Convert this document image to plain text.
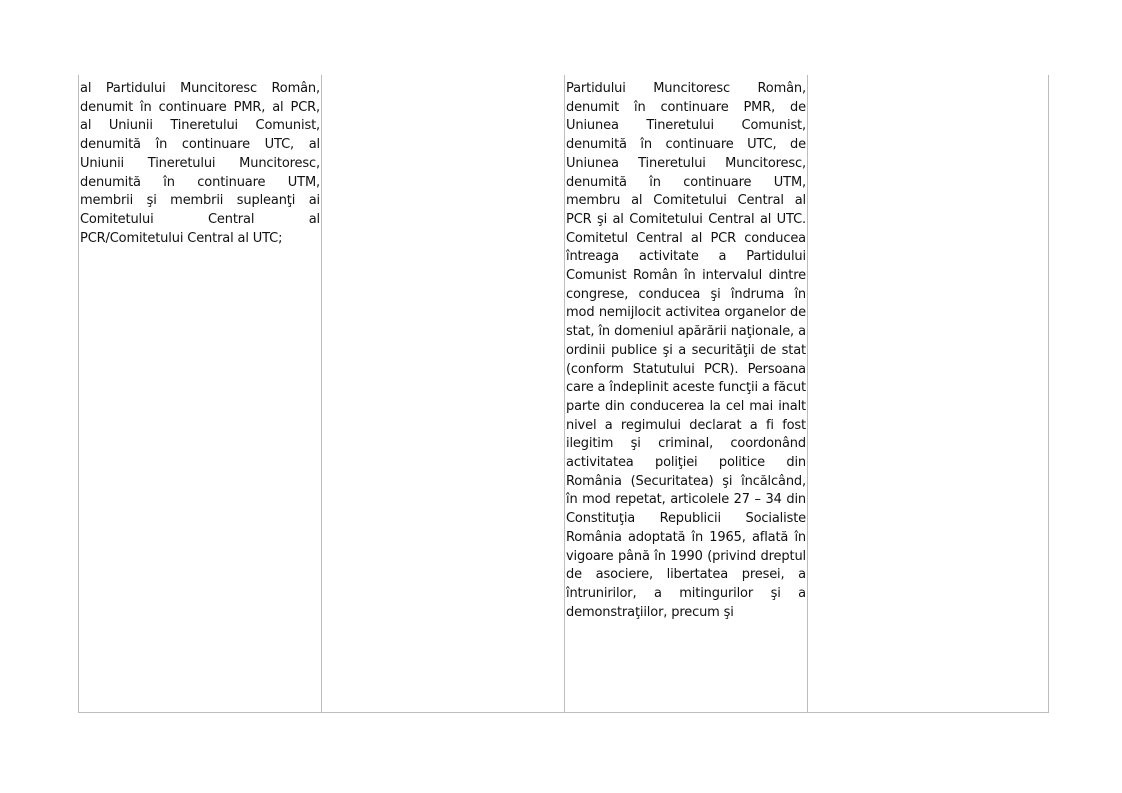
al Partidului Muncitoresc Român, denumit în continuare PMR, al PCR, al Uniunii Tineretului Comunist, denumită în continuare UTC, al Uniunii Tineretului Muncitoresc, denumită în continuare UTM, membrii şi membrii supleanţi ai Comitetului Central al PCR/Comitetului Central al UTC;

Partidului Muncitoresc Român, denumit în continuare PMR, de Uniunea Tineretului Comunist, denumită în continuare UTC, de Uniunea Tineretului Muncitoresc, denumită în continuare UTM, membru al Comitetului Central al PCR şi al Comitetului Central al UTC. Comitetul Central al PCR conducea întreaga activitate a Partidului Comunist Român în intervalul dintre congrese, conducea şi îndruma în mod nemijlocit activitea organelor de stat, în domeniul apărării naţionale, a ordinii publice şi a securităţii de stat (conform Statutului PCR). Persoana care a îndeplinit aceste funcţii a făcut parte din conducerea la cel mai inalt nivel a regimului declarat a fi fost ilegitim şi criminal, coordonând activitatea poliţiei politice din România (Securitatea) şi încălcând, în mod repetat, articolele 27 – 34 din Constituţia Republicii Socialiste România adoptată în 1965, aflată în vigoare până în 1990 (privind dreptul de asociere, libertatea presei, a întrunirilor, a mitingurilor şi a demonstraţiilor, precum şi
